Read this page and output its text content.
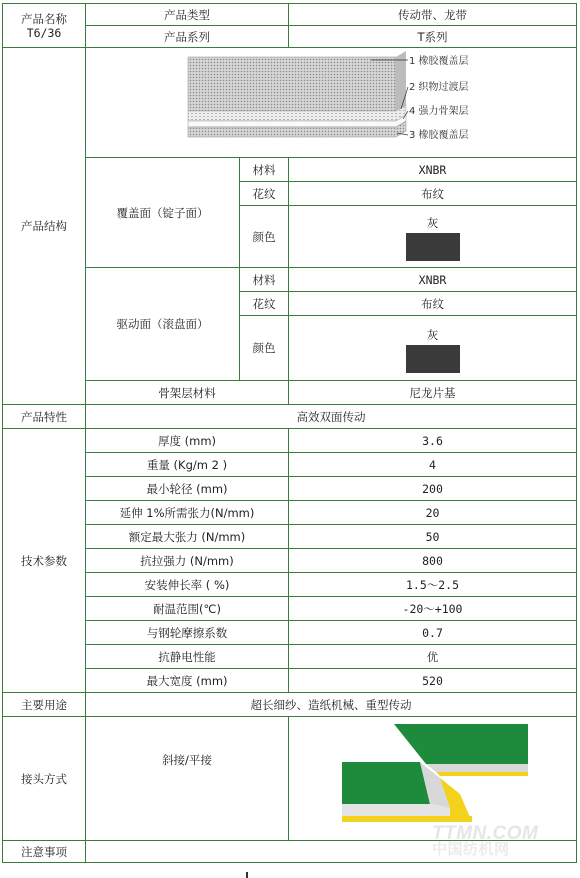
产品名称
T6/36	产品类型		传动带、龙带
	产品系列		T系列
产品结构	1 橡胶覆盖层
2 织物过渡层
4 强力骨架层
3 橡胶覆盖层		

	覆盖面（锭子面）	材料	XNBR
		花纹	布纹
		颜色	灰

	驱动面（滚盘面）	材料	XNBR
		花纹	布纹
		颜色	灰

	骨架层材料		尼龙片基
产品特性	高效双面传动		
技术参数	厚度 (mm)		3.6
	重量 (Kg/m 2 )		4
	最小轮径 (mm)		200
	延伸 1%所需张力(N/mm)		20
	额定最大张力 (N/mm)		50
	抗拉强力 (N/mm)		800
	安装伸长率 ( %)		1.5～2.5
	耐温范围(℃)		-20～+100
	与钢轮摩擦系数		0.7
	抗静电性能		优
	最大宽度 (mm)		520
主要用途	超长细纱、造纸机械、重型传动		
接头方式	斜接/平接	
注意事项			
TTMN.COM
中国纺机网
